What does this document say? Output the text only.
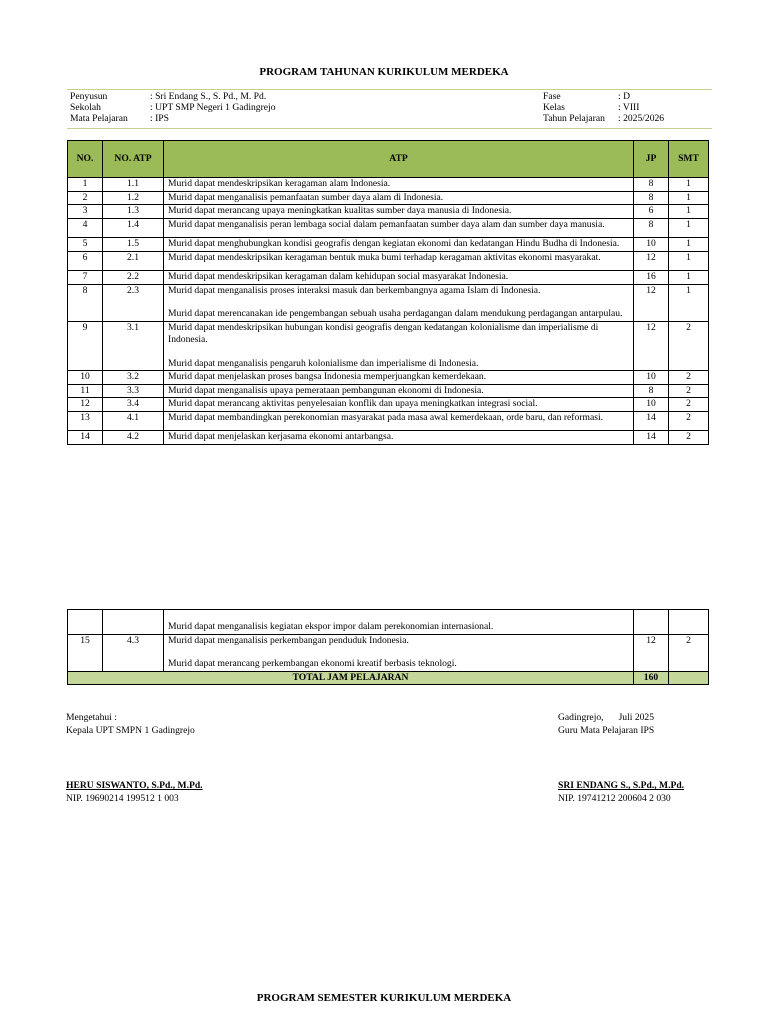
PROGRAM TAHUNAN KURIKULUM MERDEKA
Penyusun	: Sri Endang S., S. Pd., M. Pd.
Sekolah	: UPT SMP Negeri 1 Gadingrejo
Mata Pelajaran : IPS
Fase	: D
Kelas	: VIII
Tahun Pelajaran : 2025/2026
NO.	NO. ATP	ATP	JP	SMT
1	1.1	Murid dapat mendeskripsikan keragaman alam Indonesia.	8	1
2	1.2	Murid dapat menganalisis pemanfaatan sumber daya alam di Indonesia.	8	1
3	1.3	Murid dapat merancang upaya meningkatkan kualitas sumber daya manusia di Indonesia.	6	1
4	1.4	Murid dapat menganalisis peran lembaga social dalam pemanfaatan sumber daya alam dan sumber daya manusia.	8	1
5	1.5	Murid dapat menghubungkan kondisi geografis dengan kegiatan ekonomi dan kedatangan Hindu Budha di Indonesia.	10	1
6	2.1	Murid dapat mendeskripsikan keragaman bentuk muka bumi terhadap keragaman aktivitas ekonomi masyarakat.	12	1
7	2.2	Murid dapat mendeskripsikan keragaman dalam kehidupan social masyarakat Indonesia.	16	1
8	2.3	Murid dapat menganalisis proses interaksi masuk dan berkembangnya agama Islam di Indonesia.
Murid dapat merencanakan ide pengembangan sebuah usaha perdagangan dalam mendukung perdagangan antarpulau.	12	1
9	3.1	Murid dapat mendeskripsikan hubungan kondisi geografis dengan kedatangan kolonialisme dan imperialisme di Indonesia.
Murid dapat menganalisis pengaruh kolonialisme dan imperialisme di Indonesia.	12	2
10	3.2	Murid dapat menjelaskan proses bangsa Indonesia memperjuangkan kemerdekaan.	10	2
11	3.3	Murid dapat menganalisis upaya pemerataan pembangunan ekonomi di Indonesia.	8	2
12	3.4	Murid dapat merancang aktivitas penyelesaian konflik dan upaya meningkatkan integrasi social.	10	2
13	4.1	Murid dapat membandingkan perekonomian masyarakat pada masa awal kemerdekaan, orde baru, dan reformasi.	14	2
14	4.2	Murid dapat menjelaskan kerjasama ekonomi antarbangsa.	14	2

Murid dapat menganalisis kegiatan ekspor impor dalam perekonomian internasional.		
15	4.3	Murid dapat menganalisis perkembangan penduduk Indonesia.
Murid dapat merancang perkembangan ekonomi kreatif berbasis teknologi.	12	2
TOTAL JAM PELAJARAN			160	
Mengetahui :
Kepala UPT SMPN 1 Gadingrejo
HERU SISWANTO, S.Pd., M.Pd.
NIP. 19690214 199512 1 003
Gadingrejo, Juli 2025
Guru Mata Pelajaran IPS
SRI ENDANG S., S.Pd., M.Pd.
NIP. 19741212 200604 2 030
PROGRAM SEMESTER KURIKULUM MERDEKA
